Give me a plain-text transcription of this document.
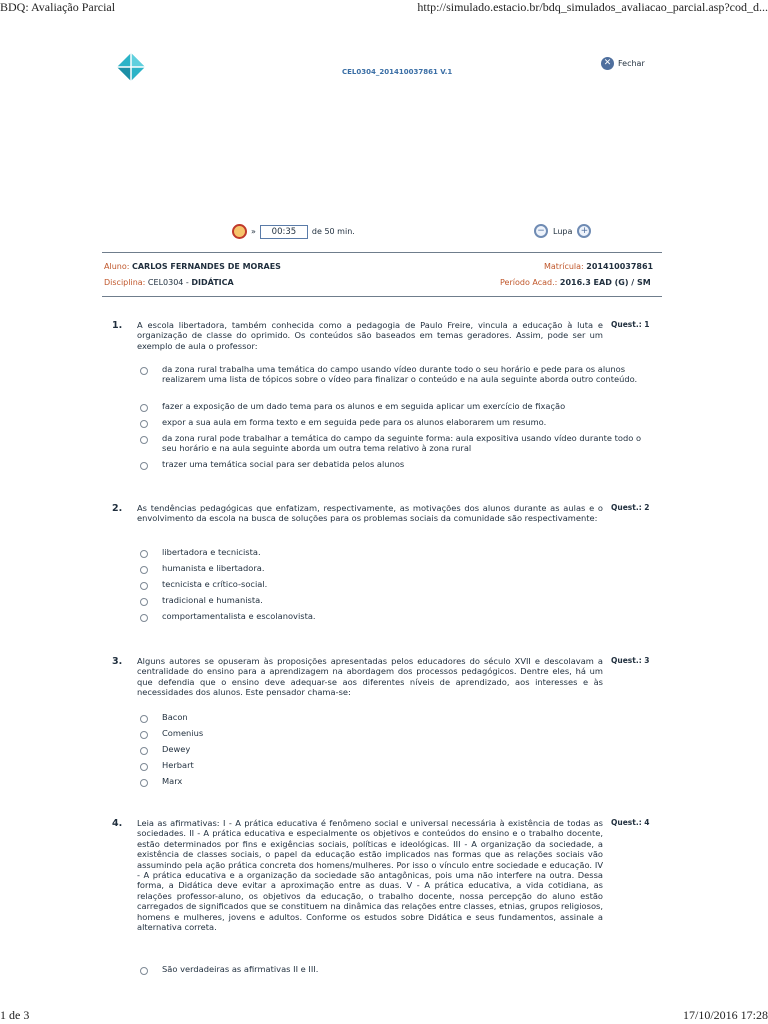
BDQ: Avaliação Parcial	http://simulado.estacio.br/bdq_simulados_avaliacao_parcial.asp?cod_d...
CEL0304_201410037861 V.1
✕ Fechar
»	00:35	de 50 min.	−	Lupa +
Aluno: CARLOS FERNANDES DE MORAES	Matrícula: 201410037861
Disciplina: CEL0304 - DIDÁTICA	Período Acad.: 2016.3 EAD (G) / SM
1. A escola libertadora, também conhecida como a pedagogia de Paulo Freire, vincula a educação à luta e organização de classe do oprimido. Os conteúdos são baseados em temas geradores. Assim, pode ser um exemplo de aula o professor:
Quest.: 1
da zona rural trabalha uma temática do campo usando vídeo durante todo o seu horário e pede para os alunos realizarem uma lista de tópicos sobre o vídeo para finalizar o conteúdo e na aula seguinte aborda outro conteúdo.
fazer a exposição de um dado tema para os alunos e em seguida aplicar um exercício de fixação
expor a sua aula em forma texto e em seguida pede para os alunos elaborarem um resumo.
da zona rural pode trabalhar a temática do campo da seguinte forma: aula expositiva usando vídeo durante todo o seu horário e na aula seguinte aborda um outra tema relativo à zona rural
trazer uma temática social para ser debatida pelos alunos
2. As tendências pedagógicas que enfatizam, respectivamente, as motivações dos alunos durante as aulas e o envolvimento da escola na busca de soluções para os problemas sociais da comunidade são respectivamente:
Quest.: 2
libertadora e tecnicista.
humanista e libertadora.
tecnicista e crítico-social.
tradicional e humanista.
comportamentalista e escolanovista.
3. Alguns autores se opuseram às proposições apresentadas pelos educadores do século XVII e descolavam a centralidade do ensino para a aprendizagem na abordagem dos processos pedagógicos. Dentre eles, há um que defendia que o ensino deve adequar-se aos diferentes níveis de aprendizado, aos interesses e às necessidades dos alunos. Este pensador chama-se:
Quest.: 3
Bacon
Comenius
Dewey
Herbart
Marx
4. Leia as afirmativas: I - A prática educativa é fenômeno social e universal necessária à existência de todas as sociedades. II - A prática educativa e especialmente os objetivos e conteúdos do ensino e o trabalho docente, estão determinados por fins e exigências sociais, políticas e ideológicas. III - A organização da sociedade, a existência de classes sociais, o papel da educação estão implicados nas formas que as relações sociais vão assumindo pela ação prática concreta dos homens/mulheres. Por isso o vínculo entre sociedade e educação. IV - A prática educativa e a organização da sociedade são antagônicas, pois uma não interfere na outra. Dessa forma, a Didática deve evitar a aproximação entre as duas. V - A prática educativa, a vida cotidiana, as relações professor-aluno, os objetivos da educação, o trabalho docente, nossa percepção do aluno estão carregados de significados que se constituem na dinâmica das relações entre classes, etnias, grupos religiosos, homens e mulheres, jovens e adultos. Conforme os estudos sobre Didática e seus fundamentos, assinale a alternativa correta.
Quest.: 4
São verdadeiras as afirmativas II e III.
1 de 3	17/10/2016 17:28
